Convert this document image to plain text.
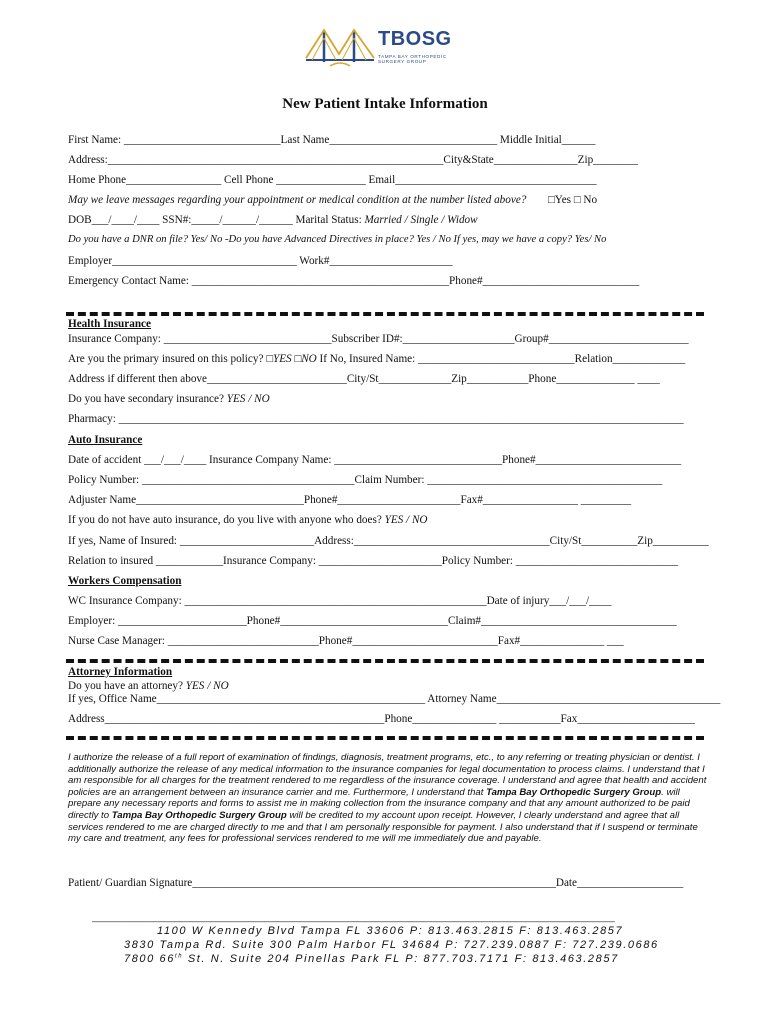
TBOSG
TAMPA BAY ORTHOPEDIC
SURGERY GROUP
New Patient Intake Information
First Name: ____________________________Last Name______________________________ Middle Initial______
Address:____________________________________________________________City&State_______________Zip________
Home Phone_________________ Cell Phone ________________ Email____________________________________
May we leave messages regarding your appointment or medical condition at the number listed above? □Yes □ No
DOB___/____/____ SSN#:_____/______/______ Marital Status: Married / Single / Widow
Do you have a DNR on file? Yes/ No -Do you have Advanced Directives in place? Yes / No If yes, may we have a copy? Yes/ No
Employer_________________________________ Work#______________________
Emergency Contact Name: ______________________________________________Phone#____________________________
Health Insurance
Insurance Company: ______________________________Subscriber ID#:____________________Group#_________________________
Are you the primary insured on this policy? □YES □NO If No, Insured Name: ____________________________Relation_____________
Address if different then above_________________________City/St_____________Zip___________Phone______________ ____
Do you have secondary insurance? YES / NO
Pharmacy: _____________________________________________________________________________________________________
Auto Insurance
Date of accident ___/___/____ Insurance Company Name: ______________________________Phone#__________________________
Policy Number: ______________________________________Claim Number: __________________________________________
Adjuster Name______________________________Phone#______________________Fax#_________________ _________
If you do not have auto insurance, do you live with anyone who does? YES / NO
If yes, Name of Insured: ________________________Address:___________________________________City/St__________Zip__________
Relation to insured ____________Insurance Company: ______________________Policy Number: _____________________________
Workers Compensation
WC Insurance Company: ______________________________________________________Date of injury___/___/____
Employer: _______________________Phone#______________________________Claim#___________________________________
Nurse Case Manager: ___________________________Phone#__________________________Fax#_______________ ___
Attorney Information
Do you have an attorney? YES / NO
If yes, Office Name________________________________________________ Attorney Name________________________________________
Address__________________________________________________Phone_______________ ___________Fax_____________________
I authorize the release of a full report of examination of findings, diagnosis, treatment programs, etc., to any referring or treating physician or dentist. I additionally authorize the release of any medical information to the insurance companies for legal documentation to process claims. I understand that I am responsible for all charges for the treatment rendered to me regardless of the insurance coverage. I understand and agree that health and accident policies are an arrangement between an insurance carrier and me. Furthermore, I understand that Tampa Bay Orthopedic Surgery Group. will prepare any necessary reports and forms to assist me in making collection from the insurance company and that any amount authorized to be paid directly to Tampa Bay Orthopedic Surgery Group will be credited to my account upon receipt. However, I clearly understand and agree that all services rendered to me are charged directly to me and that I am personally responsible for payment. I also understand that if I suspend or terminate my care and treatment, any fees for professional services rendered to me will me immediately due and payable.
Patient/ Guardian Signature_________________________________________________________________Date___________________
______________________________________________________________________________________________
1100 W Kennedy Blvd Tampa FL 33606 P: 813.463.2815 F: 813.463.2857
3830 Tampa Rd. Suite 300 Palm Harbor FL 34684 P: 727.239.0887 F: 727.239.0686
7800 66th St. N. Suite 204 Pinellas Park FL P: 877.703.7171 F: 813.463.2857
